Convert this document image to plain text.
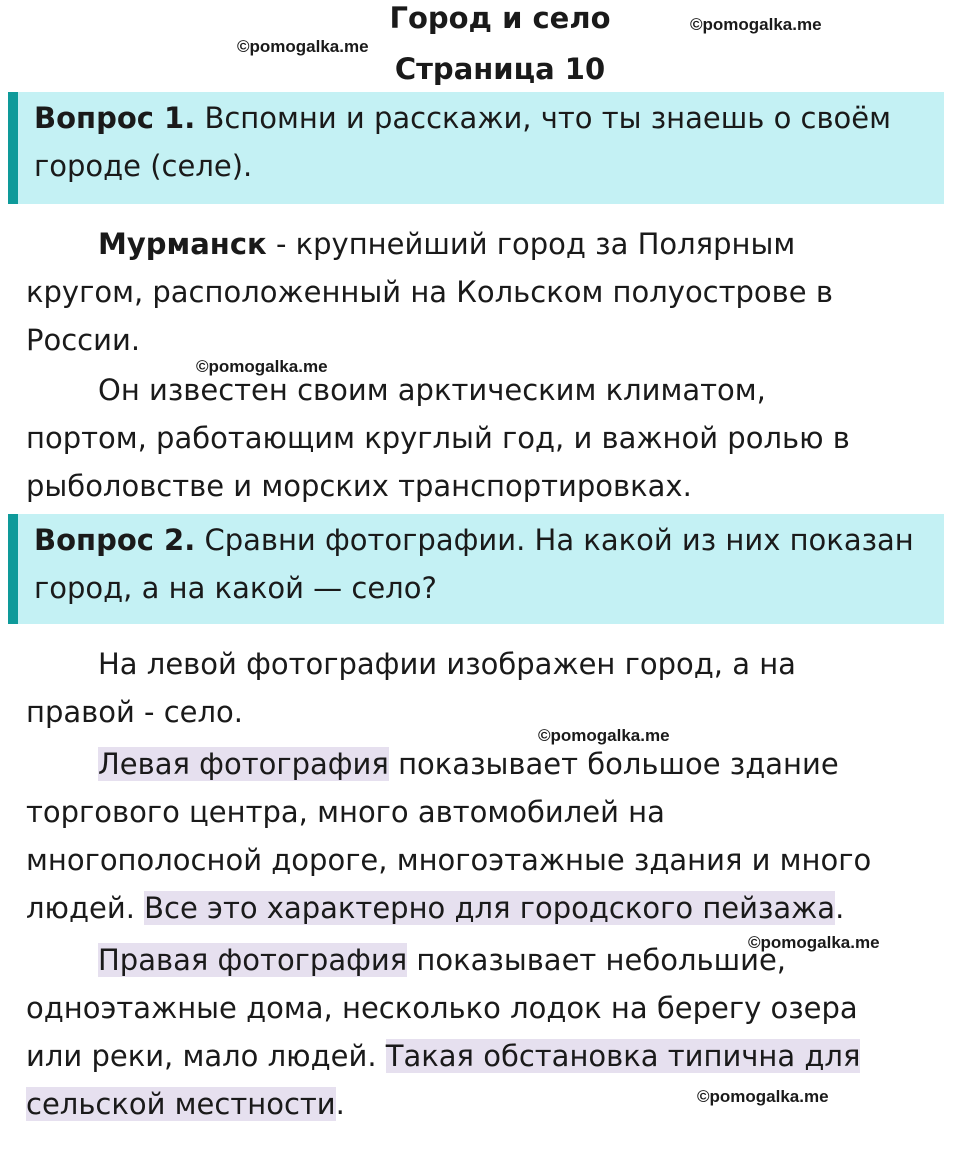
Город и село
Страница 10
©pomogalka.me
©pomogalka.me
©pomogalka.me
©pomogalka.me
©pomogalka.me
©pomogalka.me
Вопрос 1. Вспомни и расскажи, что ты знаешь о своём
городе (селе).
Мурманск - крупнейший город за Полярным
кругом, расположенный на Кольском полуострове в
России.
Он известен своим арктическим климатом,
портом, работающим круглый год, и важной ролью в
рыболовстве и морских транспортировках.
Вопрос 2. Сравни фотографии. На какой из них показан
город, а на какой — село?
На левой фотографии изображен город, а на
правой - село.
Левая фотография показывает большое здание
торгового центра, много автомобилей на
многополосной дороге, многоэтажные здания и много
людей. Все это характерно для городского пейзажа.
Правая фотография показывает небольшие,
одноэтажные дома, несколько лодок на берегу озера
или реки, мало людей. Такая обстановка типична для
сельской местности.
